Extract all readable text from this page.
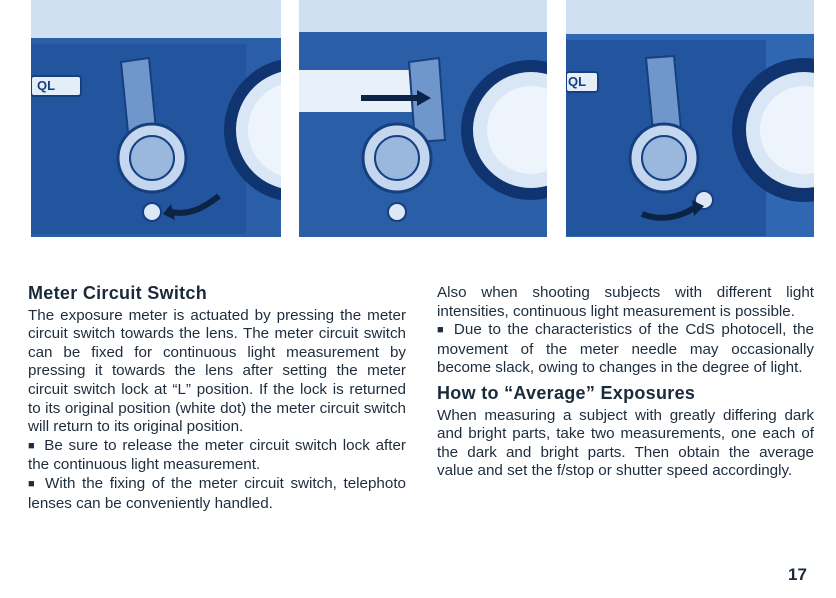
QL	QL
Meter Circuit Switch

The exposure meter is actuated by pressing the meter circuit switch towards the lens. The meter circuit switch can be fixed for continuous light measurement by pressing it towards the lens after setting the meter circuit switch lock at “L” position. If the lock is returned to its original position (white dot) the meter circuit switch will return to its original position.

■ Be sure to release the meter circuit switch lock after the continuous light measurement.

■ With the fixing of the meter circuit switch, telephoto lenses can be conveniently handled.

Also when shooting subjects with different light intensities, continuous light measurement is possible.

■ Due to the characteristics of the CdS photocell, the movement of the meter needle may occasionally become slack, owing to changes in the degree of light.

How to “Average” Exposures

When measuring a subject with greatly differing dark and bright parts, take two measurements, one each of the dark and bright parts. Then obtain the average value and set the f/stop or shutter speed accordingly.

17
